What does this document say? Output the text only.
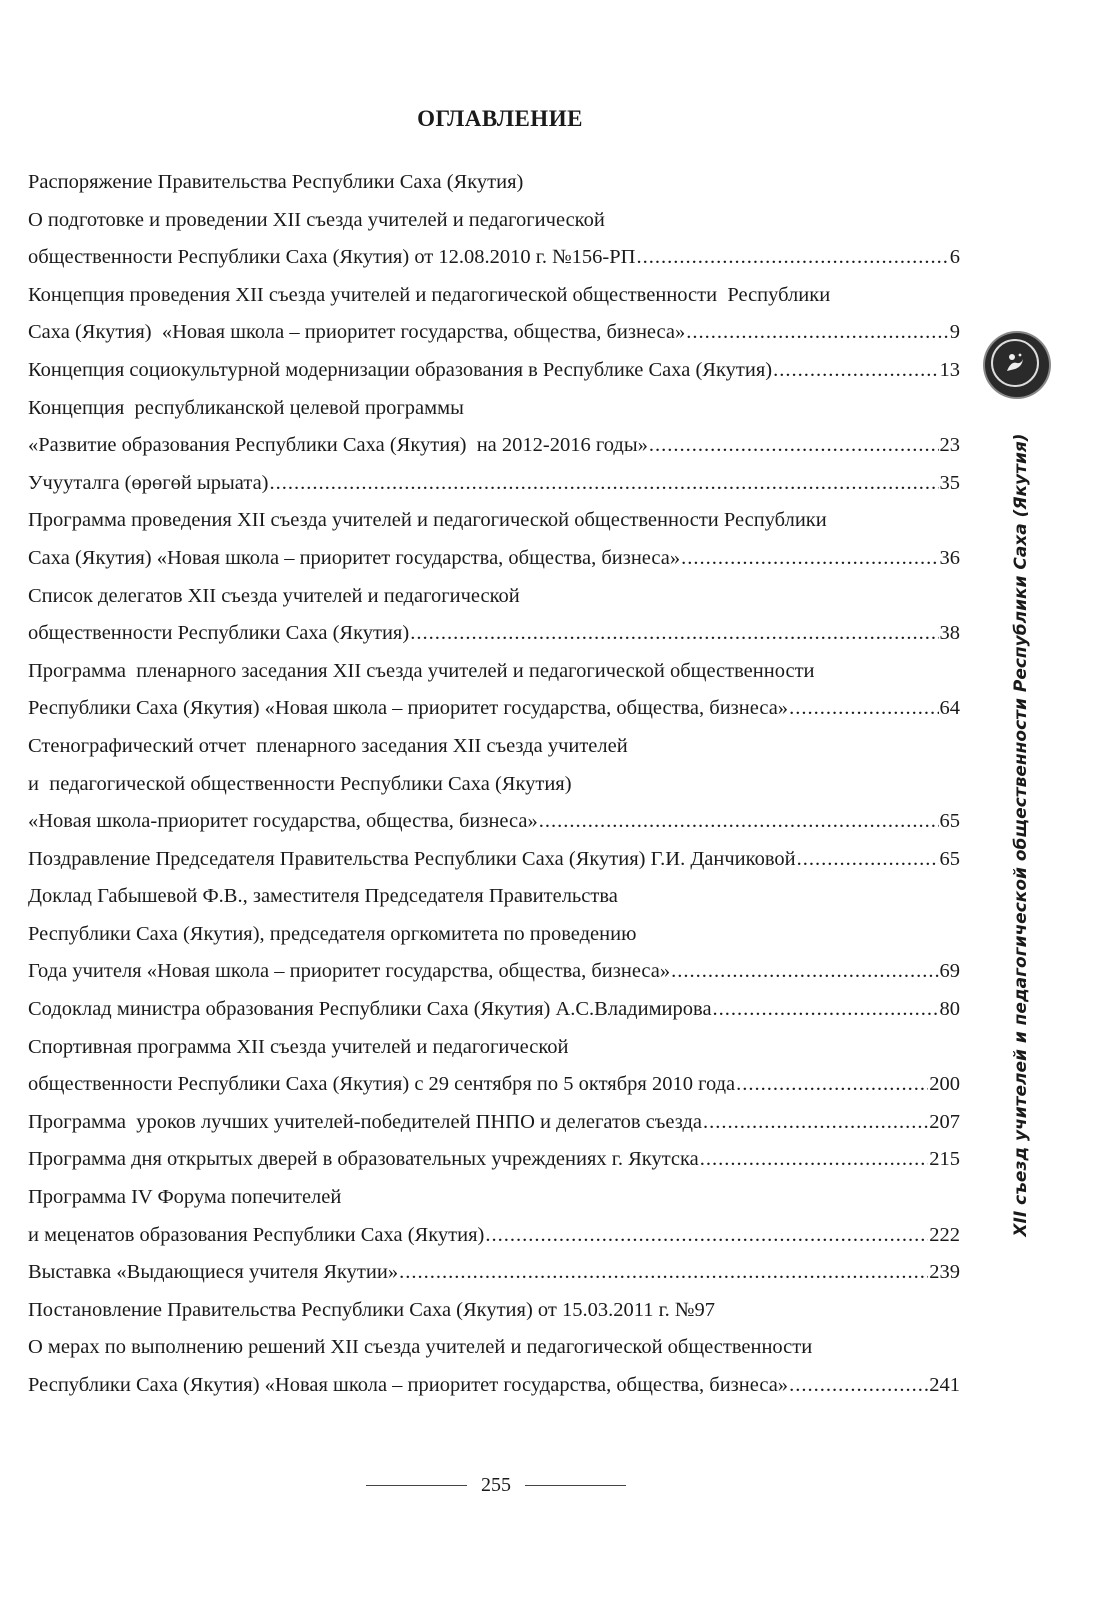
ОГЛАВЛЕНИЕ
Распоряжение Правительства Республики Саха (Якутия)
О подготовке и проведении XII съезда учителей и педагогической
общественности Республики Саха (Якутия) от 12.08.2010 г. №156-РП .....	6
Концепция проведения XII съезда учителей и педагогической общественности  Республики
Саха (Якутия)  «Новая школа – приоритет государства, общества, бизнеса» .....	9
Концепция социокультурной модернизации образования в Республике Саха (Якутия) .....	13
Концепция  республиканской целевой программы
«Развитие образования Республики Саха (Якутия)  на 2012-2016 годы» .....	23
Учууталга (өрөгөй ырыата) .....	35
Программа проведения XII съезда учителей и педагогической общественности Республики
Саха (Якутия) «Новая школа – приоритет государства, общества, бизнеса» .....	36
Список делегатов XII съезда учителей и педагогической
общественности Республики Саха (Якутия) .....	38
Программа  пленарного заседания XII съезда учителей и педагогической общественности
Республики Саха (Якутия) «Новая школа – приоритет государства, общества, бизнеса» .....	64
Стенографический отчет  пленарного заседания XII съезда учителей
и  педагогической общественности Республики Саха (Якутия)
«Новая школа-приоритет государства, общества, бизнеса» .....	65
Поздравление Председателя Правительства Республики Саха (Якутия) Г.И. Данчиковой .....	65
Доклад Габышевой Ф.В., заместителя Председателя Правительства
Республики Саха (Якутия), председателя оргкомитета по проведению
Года учителя «Новая школа – приоритет государства, общества, бизнеса» .....	69
Содоклад министра образования Республики Саха (Якутия) А.С.Владимирова .....	80
Спортивная программа XII съезда учителей и педагогической
общественности Республики Саха (Якутия) с 29 сентября по 5 октября 2010 года .....	200
Программа  уроков лучших учителей-победителей ПНПО и делегатов съезда .....	207
Программа дня открытых дверей в образовательных учреждениях г. Якутска .....	215
Программа IV Форума попечителей
и меценатов образования Республики Саха (Якутия) .....	222
Выставка «Выдающиеся учителя Якутии» .....	239
Постановление Правительства Республики Саха (Якутия) от 15.03.2011 г. №97
О мерах по выполнению решений XII съезда учителей и педагогической общественности
Республики Саха (Якутия) «Новая школа – приоритет государства, общества, бизнеса» .....	241
XII съезд учителей и педагогической общественности Республики Саха (Якутия)
255
